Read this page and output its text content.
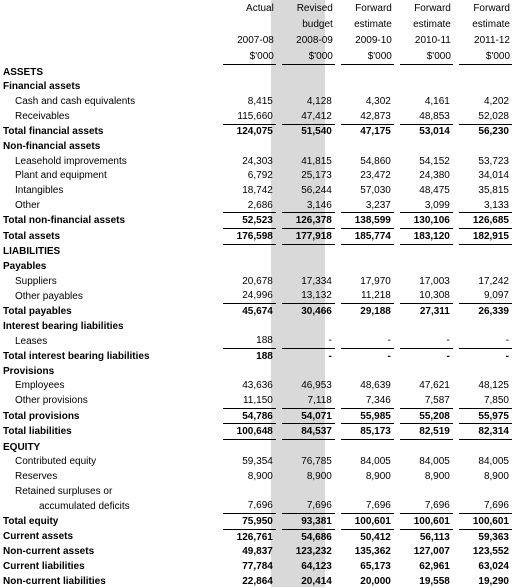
	Actual		Revised		Forward		Forward		Forward
			budget		estimate		estimate		estimate
	2007-08		2008-09		2009-10		2010-11		2011-12
	$'000		$'000		$'000		$'000		$'000
ASSETS									
Financial assets									
Cash and cash equivalents	8,415		4,128		4,302		4,161		4,202
Receivables	115,660		47,412		42,873		48,853		52,028
Total financial assets	124,075		51,540		47,175		53,014		56,230
Non-financial assets									
Leasehold improvements	24,303		41,815		54,860		54,152		53,723
Plant and equipment	6,792		25,173		23,472		24,380		34,014
Intangibles	18,742		56,244		57,030		48,475		35,815
Other	2,686		3,146		3,237		3,099		3,133
Total non-financial assets	52,523		126,378		138,599		130,106		126,685
Total assets	176,598		177,918		185,774		183,120		182,915
LIABILITIES									
Payables									
Suppliers	20,678		17,334		17,970		17,003		17,242
Other payables	24,996		13,132		11,218		10,308		9,097
Total payables	45,674		30,466		29,188		27,311		26,339
Interest bearing liabilities									
Leases	188		-		-		-		-
Total interest bearing liabilities	188		-		-		-		-
Provisions									
Employees	43,636		46,953		48,639		47,621		48,125
Other provisions	11,150		7,118		7,346		7,587		7,850
Total provisions	54,786		54,071		55,985		55,208		55,975
Total liabilities	100,648		84,537		85,173		82,519		82,314
EQUITY									
Contributed equity	59,354		76,785		84,005		84,005		84,005
Reserves	8,900		8,900		8,900		8,900		8,900
Retained surpluses or									
accumulated deficits	7,696		7,696		7,696		7,696		7,696
Total equity	75,950		93,381		100,601		100,601		100,601
Current assets	126,761		54,686		50,412		56,113		59,363
Non-current assets	49,837		123,232		135,362		127,007		123,552
Current liabilities	77,784		64,123		65,173		62,961		63,024
Non-current liabilities	22,864		20,414		20,000		19,558		19,290
